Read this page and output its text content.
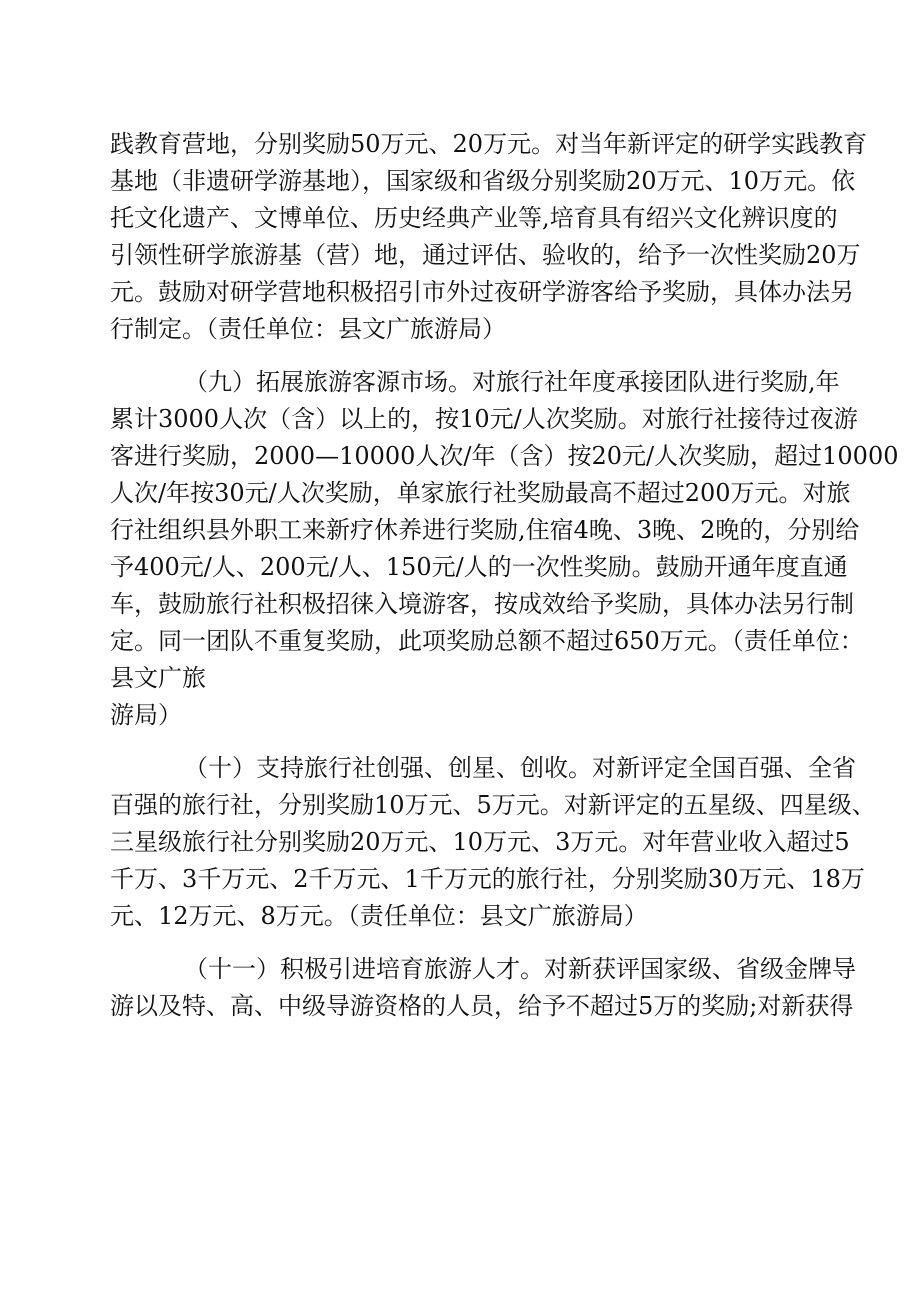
践教育营地，分别奖励50万元、20万元。对当年新评定的研学实践教育
基地（非遗研学游基地），国家级和省级分别奖励20万元、10万元。依
托文化遗产、文博单位、历史经典产业等,培育具有绍兴文化辨识度的
引领性研学旅游基（营）地，通过评估、验收的，给予一次性奖励20万
元。鼓励对研学营地积极招引市外过夜研学游客给予奖励，具体办法另
行制定。（责任单位：县文广旅游局）
（九）拓展旅游客源市场。对旅行社年度承接团队进行奖励,年
累计3000人次（含）以上的，按10元/人次奖励。对旅行社接待过夜游
客进行奖励，2000—10000人次/年（含）按20元/人次奖励，超过10000
人次/年按30元/人次奖励，单家旅行社奖励最高不超过200万元。对旅
行社组织县外职工来新疗休养进行奖励,住宿4晚、3晚、2晚的，分别给
予400元/人、200元/人、150元/人的一次性奖励。鼓励开通年度直通
车，鼓励旅行社积极招徕入境游客，按成效给予奖励，具体办法另行制
定。同一团队不重复奖励，此项奖励总额不超过650万元。（责任单位：
县文广旅
游局）
（十）支持旅行社创强、创星、创收。对新评定全国百强、全省
百强的旅行社，分别奖励10万元、5万元。对新评定的五星级、四星级、
三星级旅行社分别奖励20万元、10万元、3万元。对年营业收入超过5
千万、3千万元、2千万元、1千万元的旅行社，分别奖励30万元、18万
元、12万元、8万元。（责任单位：县文广旅游局）
（十一）积极引进培育旅游人才。对新获评国家级、省级金牌导
游以及特、高、中级导游资格的人员，给予不超过5万的奖励;对新获得
